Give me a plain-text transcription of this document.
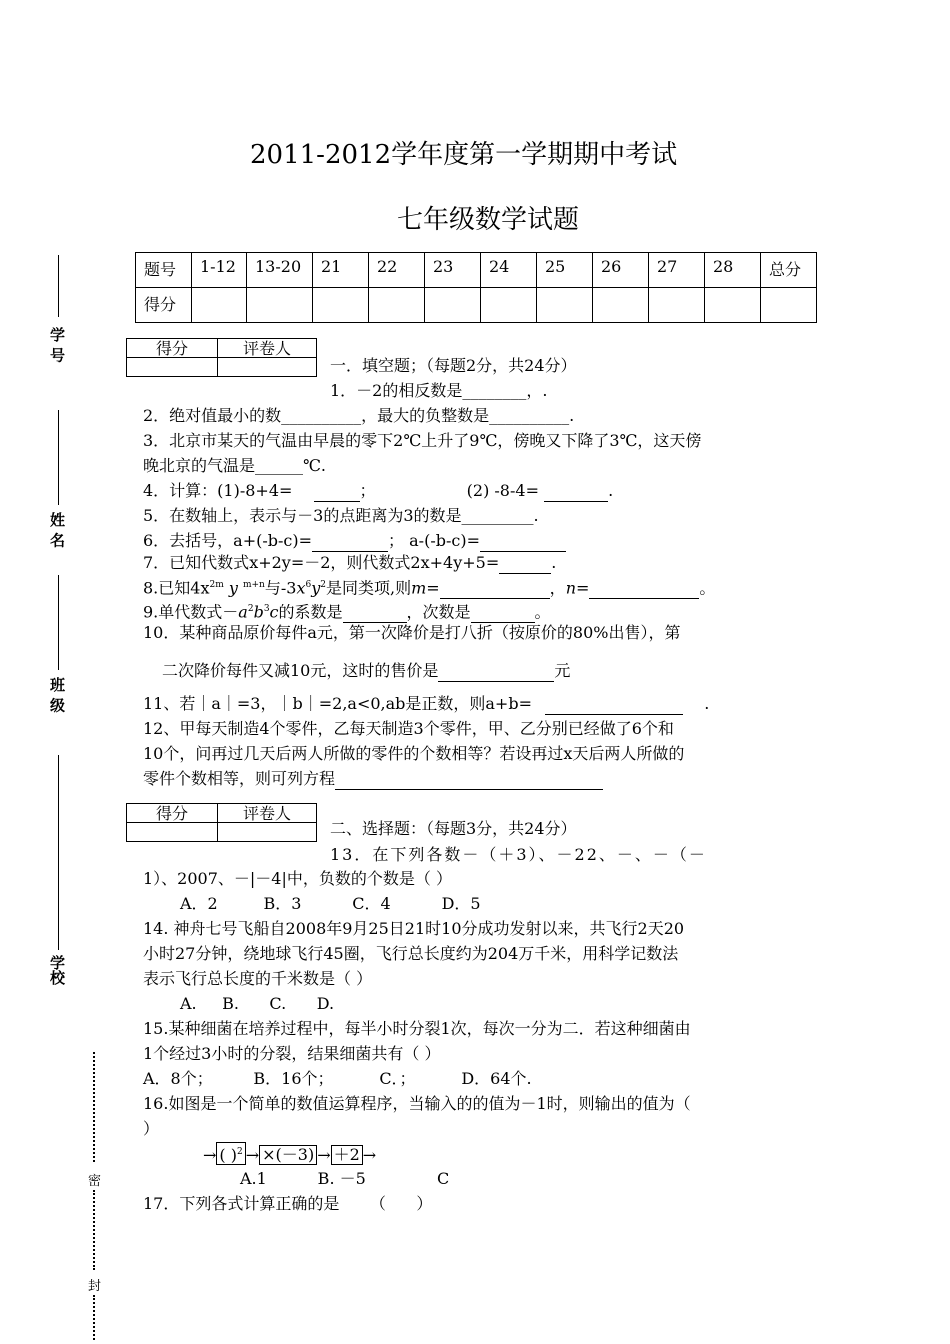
2011-2012学年度第一学期期中考试
七年级数学试题
题号	1-12	13-20	21	22	23	24	25	26	27	28	总分
得分											
学 号
姓 名
班 级
学校
密
封
得分	评卷人

一．填空题；（每题2分，共24分）
1．－2的相反数是________，.
2．绝对值最小的数__________，最大的负整数是__________.
3．北京市某天的气温由早晨的零下2℃上升了9℃，傍晚又下降了3℃，这天傍
晚北京的气温是______℃.
4．计算：(1)-8+4=	；	(2) -8-4=	.
5．在数轴上，表示与－3的点距离为3的数是_________.
6．去括号，a+(-b-c)=	； a-(-b-c)=
7．已知代数式x+2y=－2，则代数式2x+4y+5=	.
8.已知$4x^{2m}$ y $^{m+n}$与$-3x^6y^2$是同类项,则m=	，n=	。
9.单代数式$-a^2b^3c$的系数是	，次数是	。
10．某种商品原价每件a元，第一次降价是打八折（按原价的80%出售），第
二次降价每件又减10元，这时的售价是	元
11、若｜a｜=3，｜b｜=2,a<0,ab是正数，则a+b=	.
12、甲每天制造4个零件，乙每天制造3个零件，甲、乙分别已经做了6个和
10个，问再过几天后两人所做的零件的个数相等？若设再过x天后两人所做的
零件个数相等，则可列方程
得分	评卷人

二、选择题：（每题3分，共24分）
13．在下列各数－（＋3）、－22、－、－（－
1）、2007、－|－4|中，负数的个数是（ ）
A．2         B．3          C．4          D．5
14. 神舟七号飞船自2008年9月25日21时10分成功发射以来，共飞行2天20
小时27分钟，绕地球飞行45圈，飞行总长度约为204万千米，用科学记数法
表示飞行总长度的千米数是（ ）
A.     B.      C.      D.
15.某种细菌在培养过程中，每半小时分裂1次，每次一分为二．若这种细菌由
1个经过3小时的分裂，结果细菌共有（ ）
A．8个；        B．16个；         C．；         D．64个.
16.如图是一个简单的数值运算程序，当输入的的值为－1时，则输出的值为（
）
→ ( )$^2$ → ×(－3) → ＋2 →
A.1          B. －5              C
17．下列各式计算正确的是      （      ）
